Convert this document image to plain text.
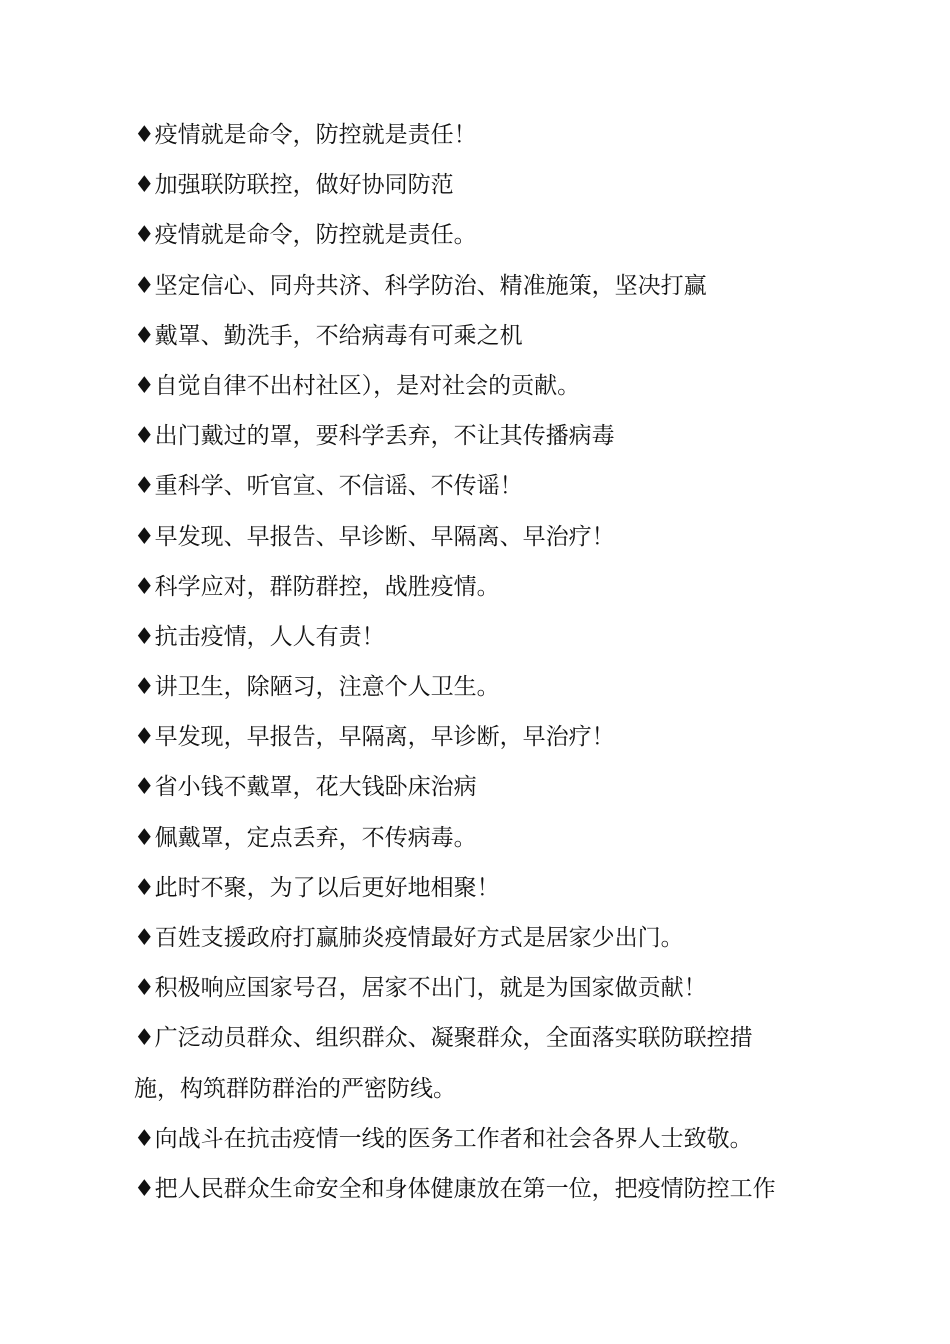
♦疫情就是命令，防控就是责任！
♦加强联防联控，做好协同防范
♦疫情就是命令，防控就是责任。
♦坚定信心、同舟共济、科学防治、精准施策，坚决打赢
♦戴罩、勤洗手，不给病毒有可乘之机
♦自觉自律不出村社区），是对社会的贡献。
♦出门戴过的罩，要科学丢弃，不让其传播病毒
♦重科学、听官宣、不信谣、不传谣！
♦早发现、早报告、早诊断、早隔离、早治疗！
♦科学应对，群防群控，战胜疫情。
♦抗击疫情，人人有责！
♦讲卫生，除陋习，注意个人卫生。
♦早发现，早报告，早隔离，早诊断，早治疗！
♦省小钱不戴罩，花大钱卧床治病
♦佩戴罩，定点丢弃，不传病毒。
♦此时不聚，为了以后更好地相聚！
♦百姓支援政府打赢肺炎疫情最好方式是居家少出门。
♦积极响应国家号召，居家不出门，就是为国家做贡献！
♦广泛动员群众、组织群众、凝聚群众，全面落实联防联控措
施，构筑群防群治的严密防线。
♦向战斗在抗击疫情一线的医务工作者和社会各界人士致敬。
♦把人民群众生命安全和身体健康放在第一位，把疫情防控工作
